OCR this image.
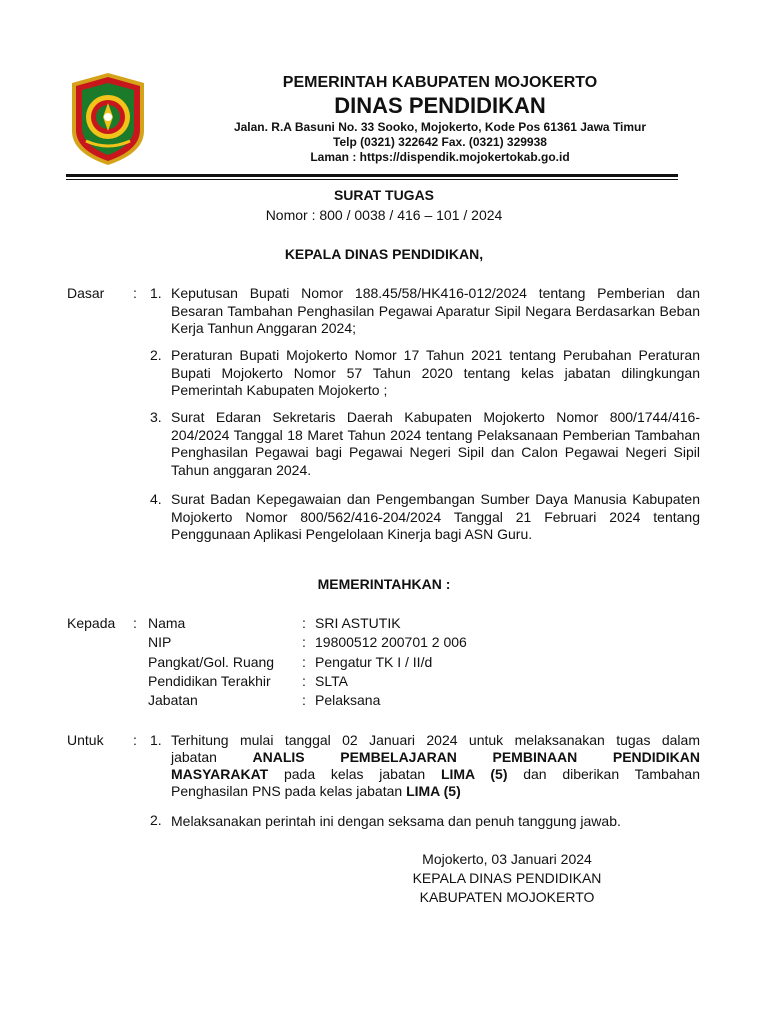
PEMERINTAH KABUPATEN MOJOKERTO
DINAS PENDIDIKAN
Jalan. R.A Basuni No. 33 Sooko, Mojokerto, Kode Pos 61361 Jawa Timur
Telp (0321) 322642 Fax. (0321) 329938
Laman : https://dispendik.mojokertokab.go.id
SURAT TUGAS
Nomor : 800 / 0038 / 416 – 101 / 2024
KEPALA DINAS PENDIDIKAN,
Dasar : 1. Keputusan Bupati Nomor 188.45/58/HK416-012/2024 tentang Pemberian dan Besaran Tambahan Penghasilan Pegawai Aparatur Sipil Negara Berdasarkan Beban Kerja Tanhun Anggaran 2024;
2. Peraturan Bupati Mojokerto Nomor 17 Tahun 2021 tentang Perubahan Peraturan Bupati Mojokerto Nomor 57 Tahun 2020 tentang kelas jabatan dilingkungan Pemerintah Kabupaten Mojokerto ;
3. Surat Edaran Sekretaris Daerah Kabupaten Mojokerto Nomor 800/1744/416-204/2024 Tanggal 18 Maret Tahun 2024 tentang Pelaksanaan Pemberian Tambahan Penghasilan Pegawai bagi Pegawai Negeri Sipil dan Calon Pegawai Negeri Sipil Tahun anggaran 2024.
4. Surat Badan Kepegawaian dan Pengembangan Sumber Daya Manusia Kabupaten Mojokerto Nomor 800/562/416-204/2024 Tanggal 21 Februari 2024 tentang Penggunaan Aplikasi Pengelolaan Kinerja bagi ASN Guru.
MEMERINTAHKAN :
Kepada : Nama	: SRI ASTUTIK
NIP	: 19800512 200701 2 006
Pangkat/Gol. Ruang : Pengatur TK I / II/d
Pendidikan Terakhir : SLTA
Jabatan	: Pelaksana
Untuk : 1. Terhitung mulai tanggal 02 Januari 2024 untuk melaksanakan tugas dalam
jabatan	ANALIS PEMBELAJARAN PEMBINAAN PENDIDIKAN
MASYARAKAT pada kelas jabatan LIMA (5) dan diberikan Tambahan
Penghasilan PNS pada kelas jabatan LIMA (5)
2. Melaksanakan perintah ini dengan seksama dan penuh tanggung jawab.
Mojokerto, 03 Januari 2024
KEPALA DINAS PENDIDIKAN
KABUPATEN MOJOKERTO
